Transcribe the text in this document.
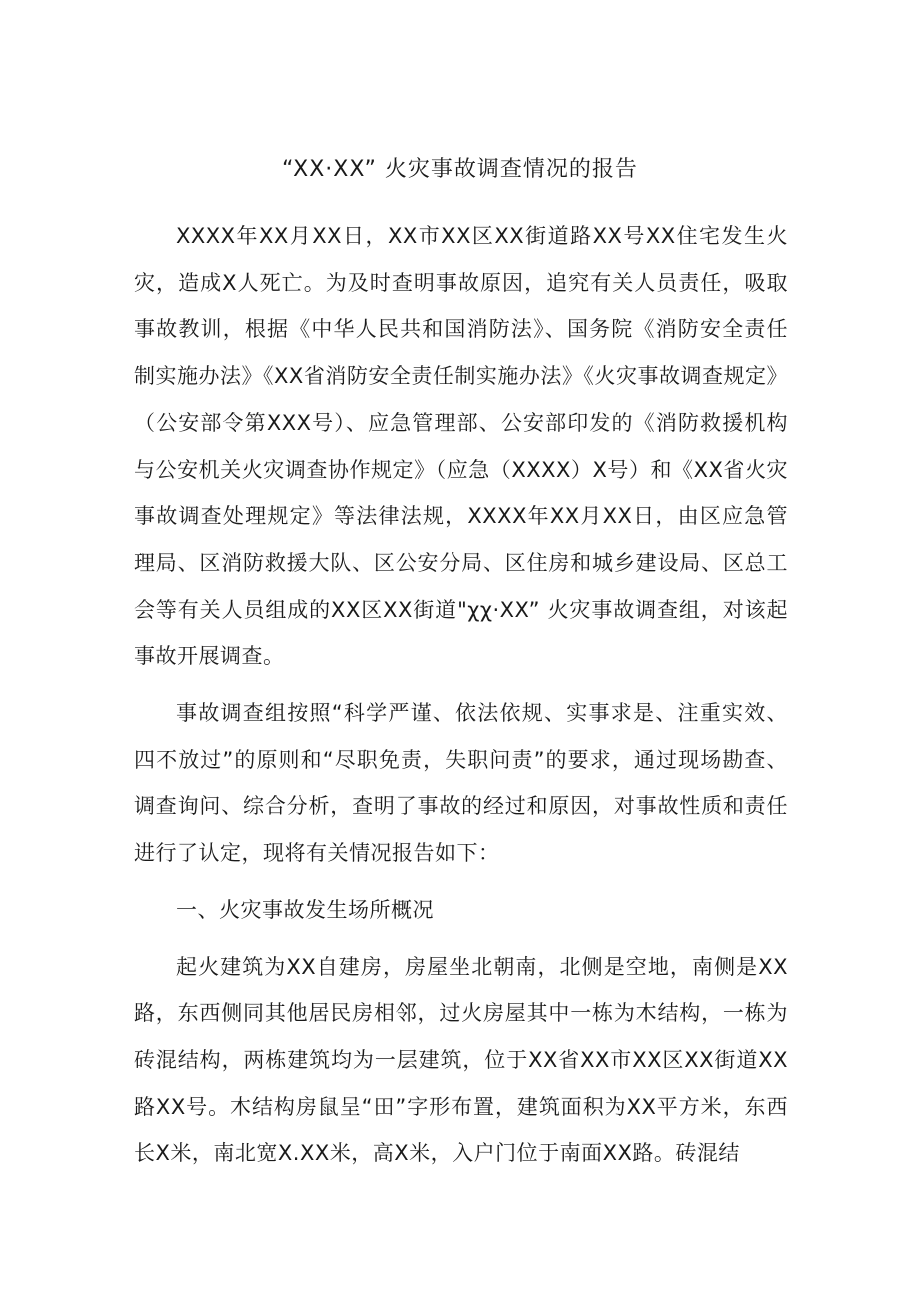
“XX·XX” 火灾事故调查情况的报告

XXXX年XX月XX日，XX市XX区XX街道路XX号XX住宅发生火灾，造成X人死亡。为及时查明事故原因，追究有关人员责任，吸取事故教训，根据《中华人民共和国消防法》、国务院《消防安全责任制实施办法》《XX省消防安全责任制实施办法》《火灾事故调查规定》（公安部令第XXX号）、应急管理部、公安部印发的《消防救援机构与公安机关火灾调查协作规定》（应急（XXXX）X号）和《XX省火灾事故调查处理规定》等法律法规，XXXX年XX月XX日，由区应急管理局、区消防救援大队、区公安分局、区住房和城乡建设局、区总工会等有关人员组成的XX区XX街道"χχ·XX” 火灾事故调查组，对该起事故开展调查。

事故调查组按照“科学严谨、依法依规、实事求是、注重实效、四不放过”的原则和“尽职免责，失职问责”的要求，通过现场勘查、调查询问、综合分析，查明了事故的经过和原因，对事故性质和责任进行了认定，现将有关情况报告如下：

一、火灾事故发生场所概况

起火建筑为XX自建房，房屋坐北朝南，北侧是空地，南侧是XX路，东西侧同其他居民房相邻，过火房屋其中一栋为木结构，一栋为砖混结构，两栋建筑均为一层建筑，位于XX省XX市XX区XX街道XX路XX号。木结构房鼠呈“田”字形布置，建筑面积为XX平方米，东西长X米，南北宽X.XX米，高X米，入户门位于南面XX路。砖混结
